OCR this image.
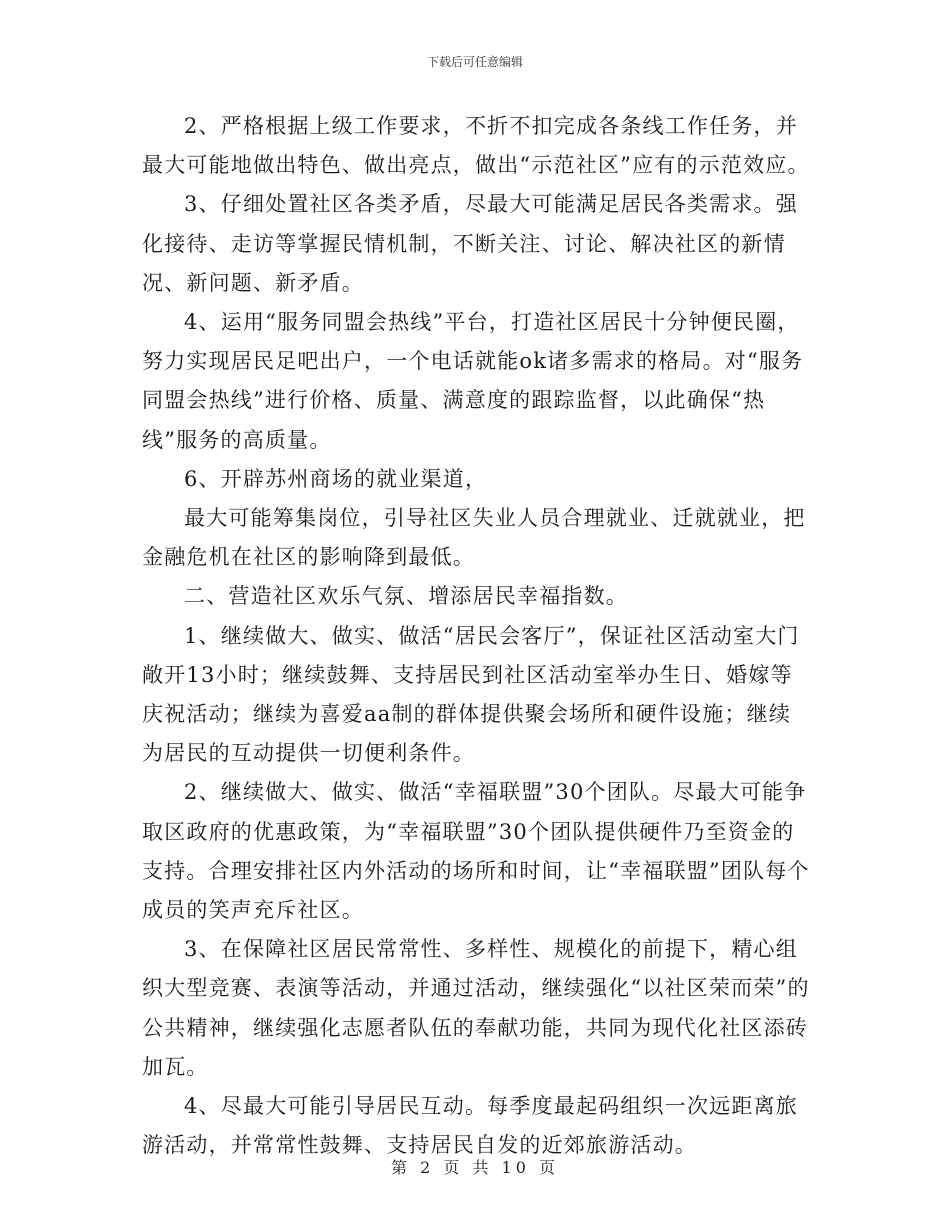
下载后可任意编辑

2、严格根据上级工作要求，不折不扣完成各条线工作任务，并最大可能地做出特色、做出亮点，做出“示范社区”应有的示范效应。

3、仔细处置社区各类矛盾，尽最大可能满足居民各类需求。强化接待、走访等掌握民情机制，不断关注、讨论、解决社区的新情况、新问题、新矛盾。

4、运用“服务同盟会热线”平台，打造社区居民十分钟便民圈，努力实现居民足吧出户，一个电话就能ok诸多需求的格局。对“服务同盟会热线”进行价格、质量、满意度的跟踪监督，以此确保“热

线”服务的高质量。

6、开辟苏州商场的就业渠道，

最大可能筹集岗位，引导社区失业人员合理就业、迁就就业，把金融危机在社区的影响降到最低。

二、营造社区欢乐气氛、增添居民幸福指数。

1、继续做大、做实、做活“居民会客厅”，保证社区活动室大门敞开13小时；继续鼓舞、支持居民到社区活动室举办生日、婚嫁等庆祝活动；继续为喜爱aa制的群体提供聚会场所和硬件设施；继续为居民的互动提供一切便利条件。

2、继续做大、做实、做活“幸福联盟”30个团队。尽最大可能争取区政府的优惠政策，为“幸福联盟”30个团队提供硬件乃至资金的支持。合理安排社区内外活动的场所和时间，让“幸福联盟”团队每个成员的笑声充斥社区。

3、在保障社区居民常常性、多样性、规模化的前提下，精心组织大型竞赛、表演等活动，并通过活动，继续强化“以社区荣而荣”的公共精神，继续强化志愿者队伍的奉献功能，共同为现代化社区添砖加瓦。

4、尽最大可能引导居民互动。每季度最起码组织一次远距离旅游活动，并常常性鼓舞、支持居民自发的近郊旅游活动。

第 2 页 共 10 页
